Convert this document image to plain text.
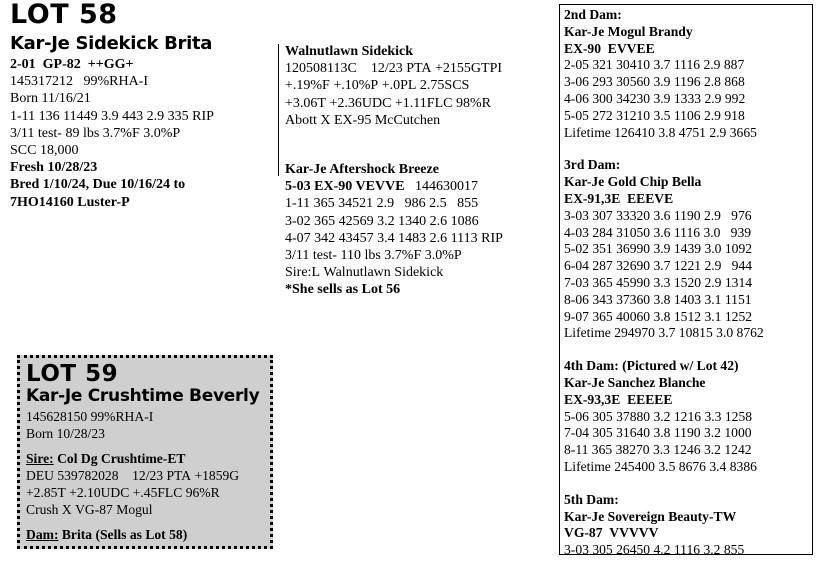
LOT 58
Kar-Je Sidekick Brita
2-01  GP-82  ++GG+
145317212   99%RHA-I
Born 11/16/21
1-11 136 11449 3.9 443 2.9 335 RIP
3/11 test- 89 lbs 3.7%F 3.0%P
SCC 18,000
Fresh 10/28/23
Bred 1/10/24, Due 10/16/24 to
7HO14160 Luster-P
Walnutlawn Sidekick
120508113C    12/23 PTA +2155GTPI
+.19%F +.10%P +.0PL 2.75SCS
+3.06T +2.36UDC +1.11FLC 98%R
Abott X EX-95 McCutchen
Kar-Je Aftershock Breeze
5-03 EX-90 VEVVE 144630017
1-11 365 34521 2.9   986 2.5   855
3-02 365 42569 3.2 1340 2.6 1086
4-07 342 43457 3.4 1483 2.6 1113 RIP
3/11 test- 110 lbs 3.7%F 3.0%P
Sire:L Walnutlawn Sidekick
*She sells as Lot 56
LOT 59
Kar-Je Crushtime Beverly
145628150 99%RHA-I
Born 10/28/23
Sire: Col Dg Crushtime-ET
DEU 539782028    12/23 PTA +1859G
+2.85T +2.10UDC +.45FLC 96%R
Crush X VG-87 Mogul
Dam: Brita (Sells as Lot 58)
2nd Dam:
Kar-Je Mogul Brandy
EX-90  EVVEE
2-05 321 30410 3.7 1116 2.9 887
3-06 293 30560 3.9 1196 2.8 868
4-06 300 34230 3.9 1333 2.9 992
5-05 272 31210 3.5 1106 2.9 918
Lifetime 126410 3.8 4751 2.9 3665
3rd Dam:
Kar-Je Gold Chip Bella
EX-91,3E  EEEVE
3-03 307 33320 3.6 1190 2.9   976
4-03 284 31050 3.6 1116 3.0   939
5-02 351 36990 3.9 1439 3.0 1092
6-04 287 32690 3.7 1221 2.9   944
7-03 365 45990 3.3 1520 2.9 1314
8-06 343 37360 3.8 1403 3.1 1151
9-07 365 40060 3.8 1512 3.1 1252
Lifetime 294970 3.7 10815 3.0 8762
4th Dam: (Pictured w/ Lot 42)
Kar-Je Sanchez Blanche
EX-93,3E  EEEEE
5-06 305 37880 3.2 1216 3.3 1258
7-04 305 31640 3.8 1190 3.2 1000
8-11 365 38270 3.3 1246 3.2 1242
Lifetime 245400 3.5 8676 3.4 8386
5th Dam:
Kar-Je Sovereign Beauty-TW
VG-87  VVVVV
3-03 305 26450 4.2 1116 3.2 855
